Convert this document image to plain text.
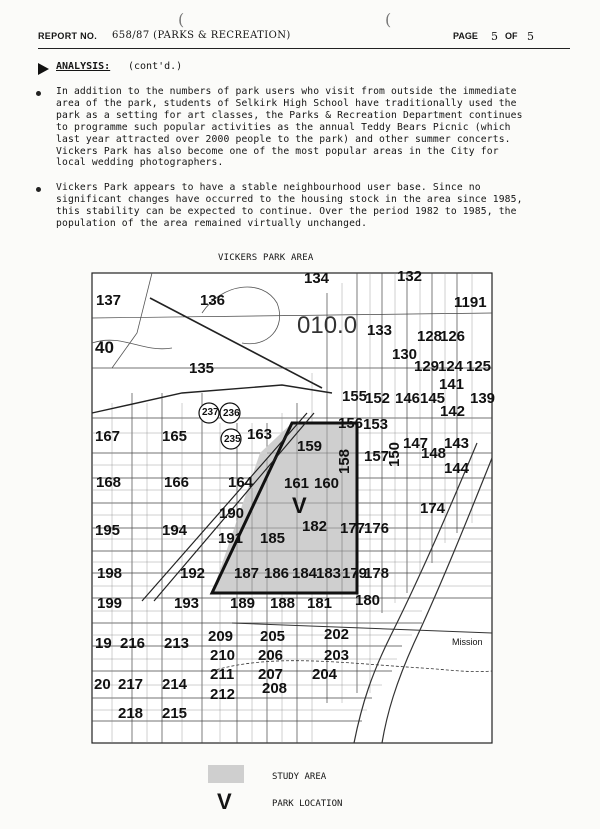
(	(
REPORT NO. 658/87 (PARKS & RECREATION)	PAGE 5 OF 5
ANALYSIS: (cont'd.)
In addition to the numbers of park users who visit from outside the immediate
area of the park, students of Selkirk High School have traditionally used the
park as a setting for art classes, the Parks & Recreation Department continues
to programme such popular activities as the annual Teddy Bears Picnic (which
last year attracted over 2000 people to the park) and other summer concerts.
Vickers Park has also become one of the most popular areas in the City for
local wedding photographers.
Vickers Park appears to have a stable neighbourhood user base. Since no
significant changes have occurred to the housing stock in the area since 1985,
this stability can be expected to continue. Over the period 1982 to 1985, the
population of the area remained virtually unchanged.
VICKERS PARK AREA
010.0
137	136
134	132
1191
135
133 128
126
130
129
124 125
237 236
235
155
152 146 145
141
142
139
167	165	163
156 153
147 143
159
158 157
150 148
144
168	166	164 161 160
174
190
182 177
176
195	194 191 185
198	192 187 186 184
183 179
178
199	193 189 188 181 180
209 205	202
19 216 213
210 206	203
20 217 214
211 207 204
212 208
218 215
40
V
Mission
STUDY AREA
V	PARK LOCATION
